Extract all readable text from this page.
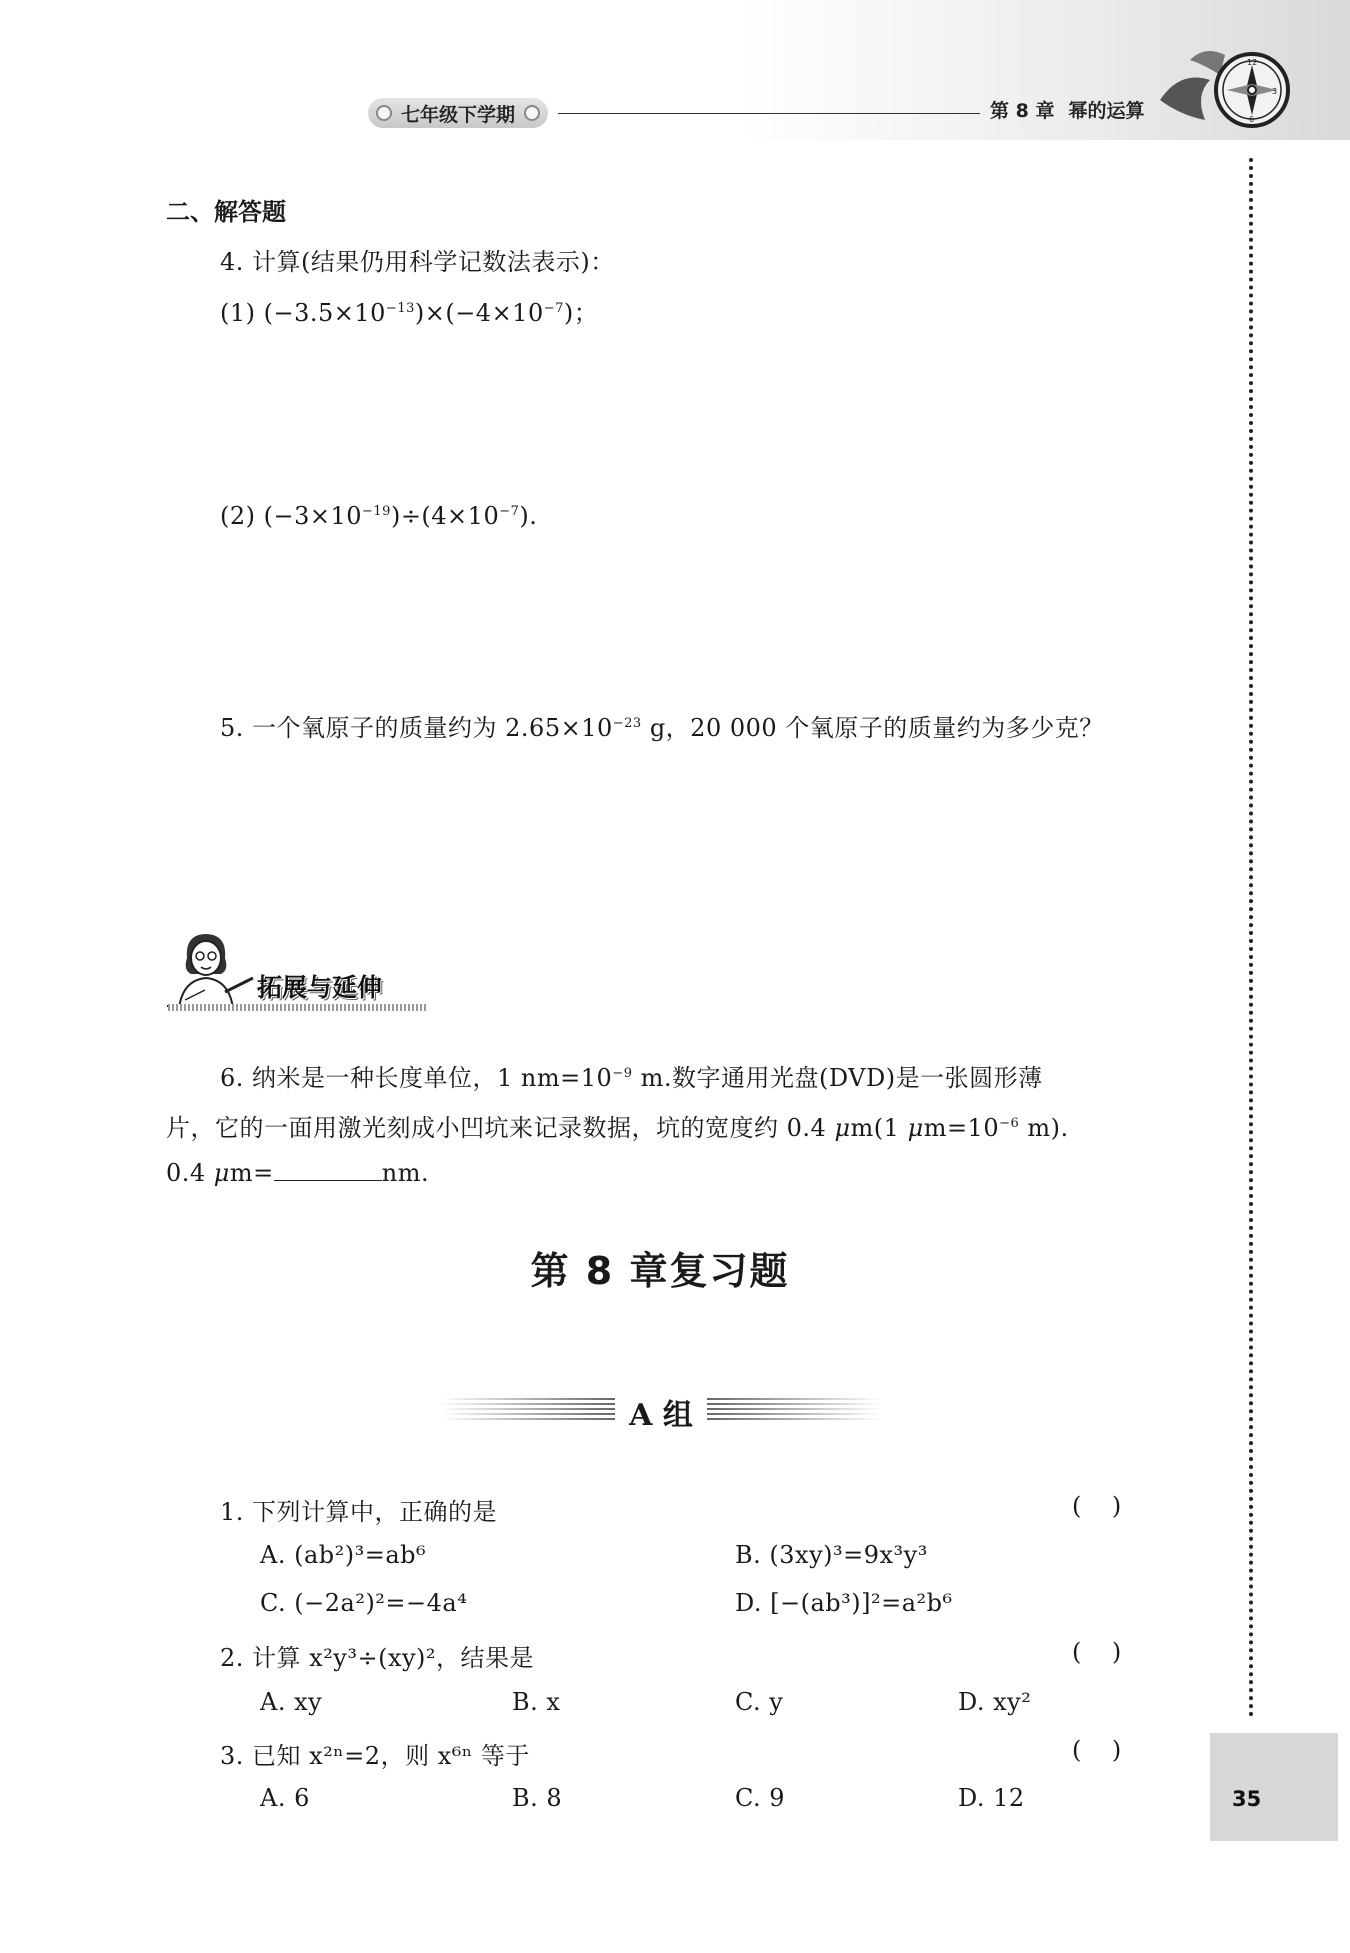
七年级下学期	第 8 章 幂的运算
12
3
6
35
二、解答题
4. 计算(结果仍用科学记数法表示)：
(1) $(-3.5\times 10^{-13})\times(-4\times 10^{-7})$；
(2) $(-3\times 10^{-19})\div(4\times 10^{-7})$.
5. 一个氧原子的质量约为 $2.65\times 10^{-23}$ g，20 000 个氧原子的质量约为多少克？
拓展与延伸
6. 纳米是一种长度单位，1 $nm=10^{-9}$ m.数字通用光盘(DVD)是一张圆形薄
片，它的一面用激光刻成小凹坑来记录数据，坑的宽度约 0.4 μm(1 $\mu m=10^{-6}$ m).
0.4 μm=	nm.
第 8 章复习题
A 组
1. 下列计算中，正确的是	(    )
A. (ab²)³=ab⁶	B. (3xy)³=9x³y³
C. (−2a²)²=−4a⁴	D. [−(ab³)]²=a²b⁶
2. 计算 x²y³÷(xy)²，结果是	(    )
A. xy	B. x	C. y	D. xy²
3. 已知 x²ⁿ=2，则 x⁶ⁿ 等于	(    )
A. 6	B. 8	C. 9	D. 12
